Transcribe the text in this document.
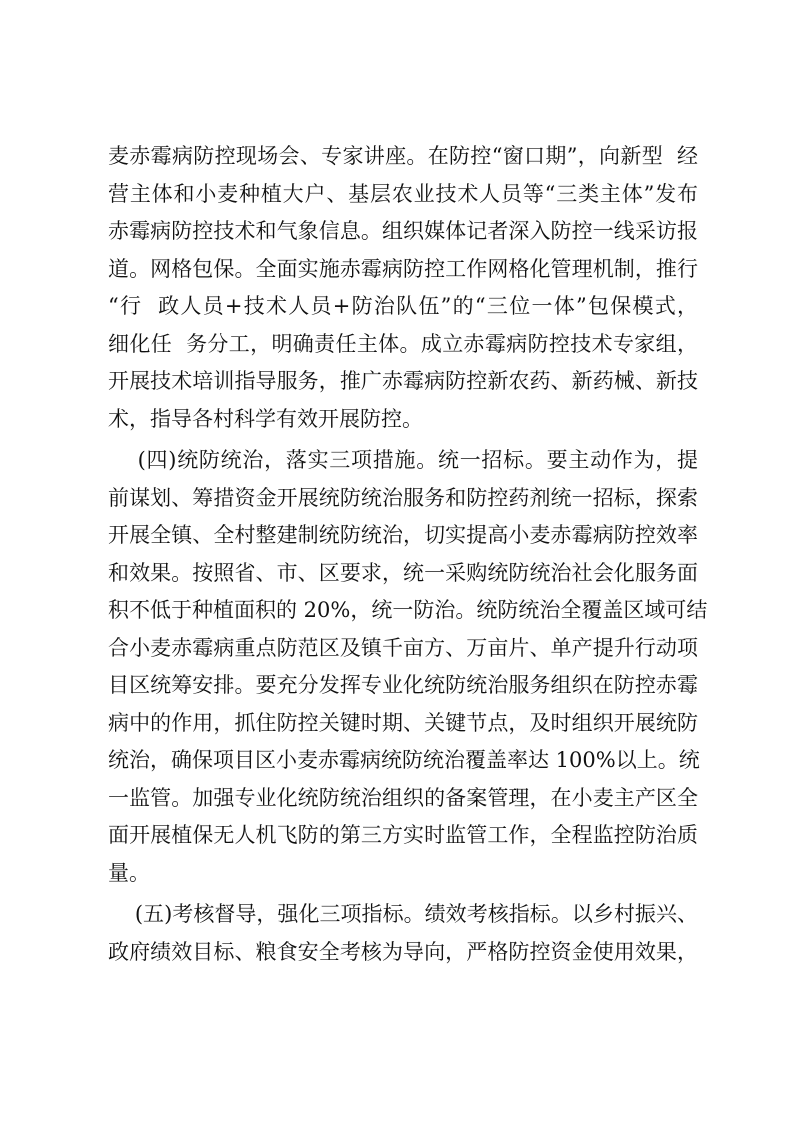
麦赤霉病防控现场会、专家讲座。在防控“窗口期”，向新型  经
营主体和小麦种植大户、基层农业技术人员等“三类主体”发布
赤霉病防控技术和气象信息。组织媒体记者深入防控一线采访报
道。网格包保。全面实施赤霉病防控工作网格化管理机制，推行
“行  政人员+技术人员+防治队伍”的“三位一体”包保模式，
细化任  务分工，明确责任主体。成立赤霉病防控技术专家组，
开展技术培训指导服务，推广赤霉病防控新农药、新药械、新技
术，指导各村科学有效开展防控。
(四)统防统治，落实三项措施。统一招标。要主动作为，提
前谋划、筹措资金开展统防统治服务和防控药剂统一招标，探索
开展全镇、全村整建制统防统治，切实提高小麦赤霉病防控效率
和效果。按照省、市、区要求，统一采购统防统治社会化服务面
积不低于种植面积的 20%，统一防治。统防统治全覆盖区域可结
合小麦赤霉病重点防范区及镇千亩方、万亩片、单产提升行动项
目区统筹安排。要充分发挥专业化统防统治服务组织在防控赤霉
病中的作用，抓住防控关键时期、关键节点，及时组织开展统防
统治，确保项目区小麦赤霉病统防统治覆盖率达 100%以上。统
一监管。加强专业化统防统治组织的备案管理，在小麦主产区全
面开展植保无人机飞防的第三方实时监管工作，全程监控防治质
量。
(五)考核督导，强化三项指标。绩效考核指标。以乡村振兴、
政府绩效目标、粮食安全考核为导向，严格防控资金使用效果，
